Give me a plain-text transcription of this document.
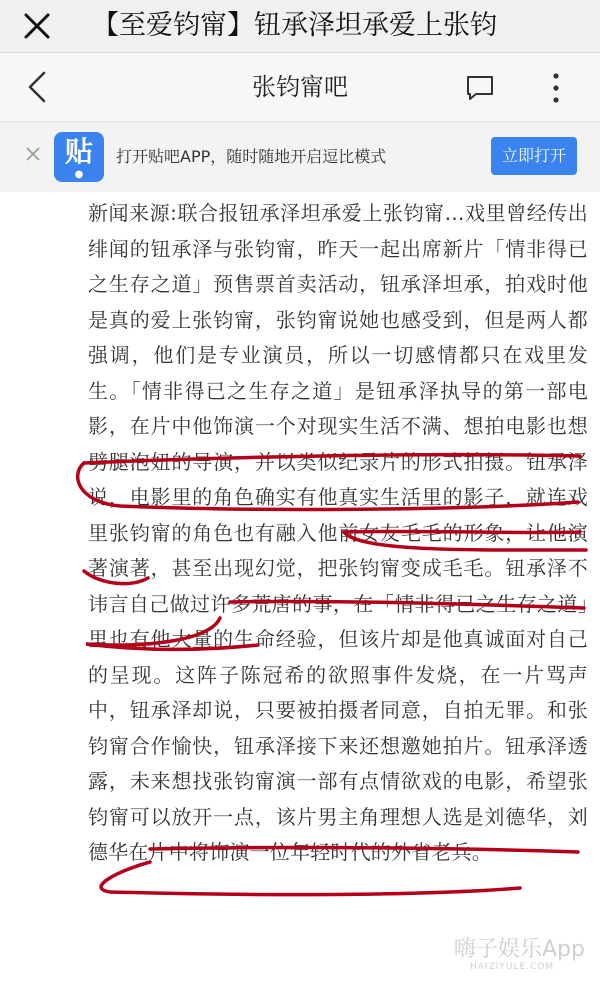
【至爱钧甯】钮承泽坦承爱上张钧
张钧甯吧
贴
●
打开贴吧APP，随时随地开启逗比模式	立即打开

新闻来源:联合报钮承泽坦承爱上张钧甯…戏里曾经传出绯闻的钮承泽与张钧甯，昨天一起出席新片「情非得已之生存之道」预售票首卖活动，钮承泽坦承，拍戏时他是真的爱上张钧甯，张钧甯说她也感受到，但是两人都强调，他们是专业演员，所以一切感情都只在戏里发生。「情非得已之生存之道」是钮承泽执导的第一部电影，在片中他饰演一个对现实生活不满、想拍电影也想劈腿泡妞的导演，并以类似纪录片的形式拍摄。钮承泽说，电影里的角色确实有他真实生活里的影子，就连戏里张钧甯的角色也有融入他前女友毛毛的形象，让他演著演著，甚至出现幻觉，把张钧甯变成毛毛。钮承泽不讳言自己做过许多荒唐的事，在「情非得已之生存之道」里也有他大量的生命经验，但该片却是他真诚面对自己的呈现。这阵子陈冠希的欲照事件发烧，在一片骂声中，钮承泽却说，只要被拍摄者同意，自拍无罪。和张钧甯合作愉快，钮承泽接下来还想邀她拍片。钮承泽透露，未来想找张钧甯演一部有点情欲戏的电影，希望张钧甯可以放开一点，该片男主角理想人选是刘德华，刘德华在片中将饰演一位年轻时代的外省老兵。

嗨子娱乐App
HAIZIYULE.COM
